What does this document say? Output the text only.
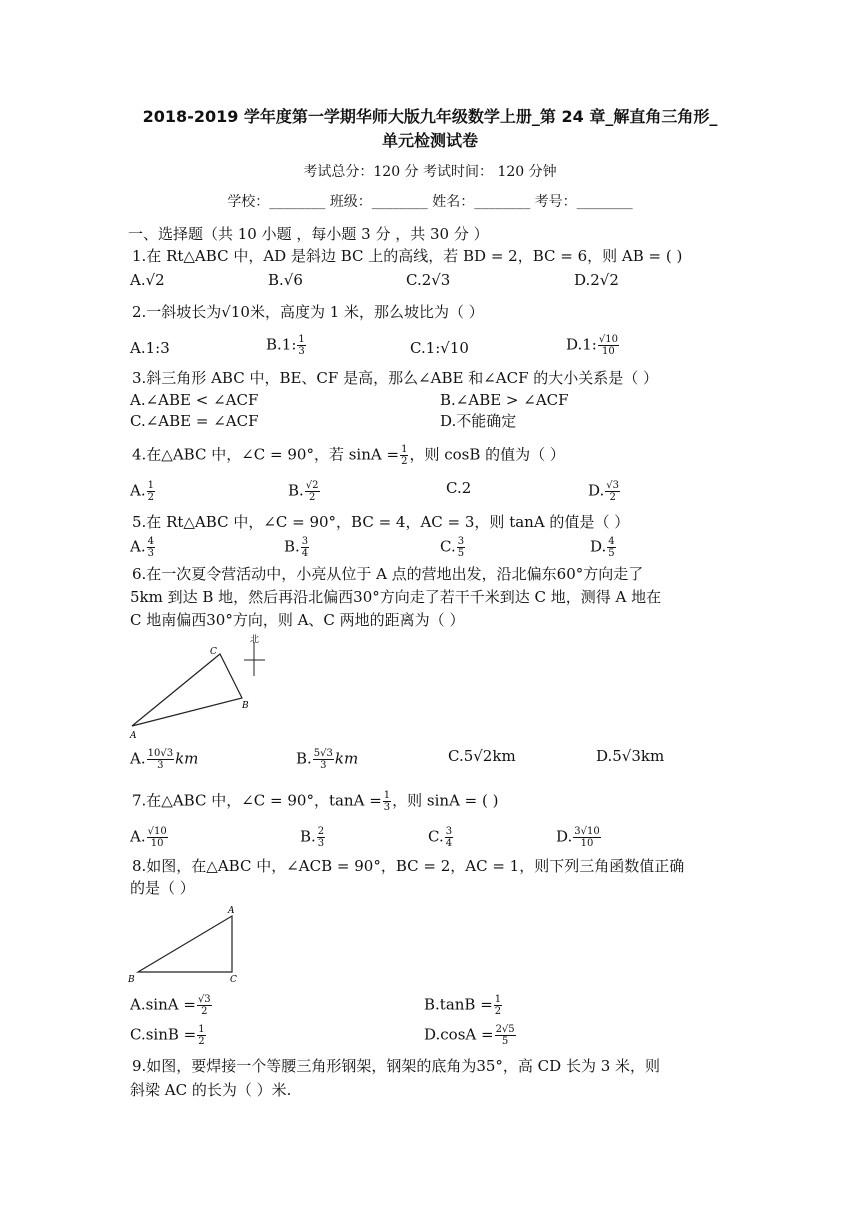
2018-2019 学年度第一学期华师大版九年级数学上册_第 24 章_解直角三角形_
单元检测试卷
考试总分：120 分 考试时间： 120 分钟
学校：________ 班级：________ 姓名：________ 考号：________
一、选择题（共 10 小题 ，每小题 3 分 ，共 30 分 ）
1.在 Rt△ABC 中，AD 是斜边 BC 上的高线，若 BD = 2，BC = 6，则 AB = ( )
A.√2	B.√6	C.2√3	D.2√2
2.一斜坡长为√10米，高度为 1 米，那么坡比为（ ）
A.1:3	B.1: $\frac{1}{3}$	C.1:√10	D.1: $\frac{√10}{10}$
3.斜三角形 ABC 中，BE、CF 是高，那么∠ABE 和∠ACF 的大小关系是（ ）
A.∠ABE < ∠ACF	B.∠ABE > ∠ACF
C.∠ABE = ∠ACF	D.不能确定
4.在△ABC 中，∠C = 90°，若 $\sin A = \frac{1}{2}$ ，则 cosB 的值为（ ）
A. $\frac{1}{2}$	B. $\frac{√2}{2}$	C.2	D. $\frac{√3}{2}$
5.在 Rt△ABC 中，∠C = 90°，BC = 4，AC = 3，则 tanA 的值是（ ）
A. $\frac{4}{3}$	B. $\frac{3}{4}$	C. $\frac{3}{5}$	D. $\frac{4}{5}$
6.在一次夏令营活动中，小亮从位于 A 点的营地出发，沿北偏东60°方向走了
5km 到达 B 地，然后再沿北偏西30°方向走了若干千米到达 C 地，测得 A 地在
C 地南偏西30°方向，则 A、C 两地的距离为（ ）
北
C
B
A
A. $\frac{10√3}{3}$ km	B. $\frac{5√3}{3}$ km	C.5√2km	D.5√3km
7.在△ABC 中，∠C = 90°，$\tan A = \frac{1}{3}$ ，则 sinA = ( )
A. $\frac{√10}{10}$	B. $\frac{2}{3}$	C. $\frac{3}{4}$	D. $\frac{3√10}{10}$
8.如图，在△ABC 中，∠ACB = 90°，BC = 2，AC = 1，则下列三角函数值正确
的是（ ）
A
B	C
$A.\sin A = \frac{√3}{2}$	$B.\tan B = \frac{1}{2}$
$C.\sin B = \frac{1}{2}$	$D.\cos A = \frac{2√5}{5}$
9.如图，要焊接一个等腰三角形钢架，钢架的底角为35°，高 CD 长为 3 米，则
斜梁 AC 的长为（ ）米.
